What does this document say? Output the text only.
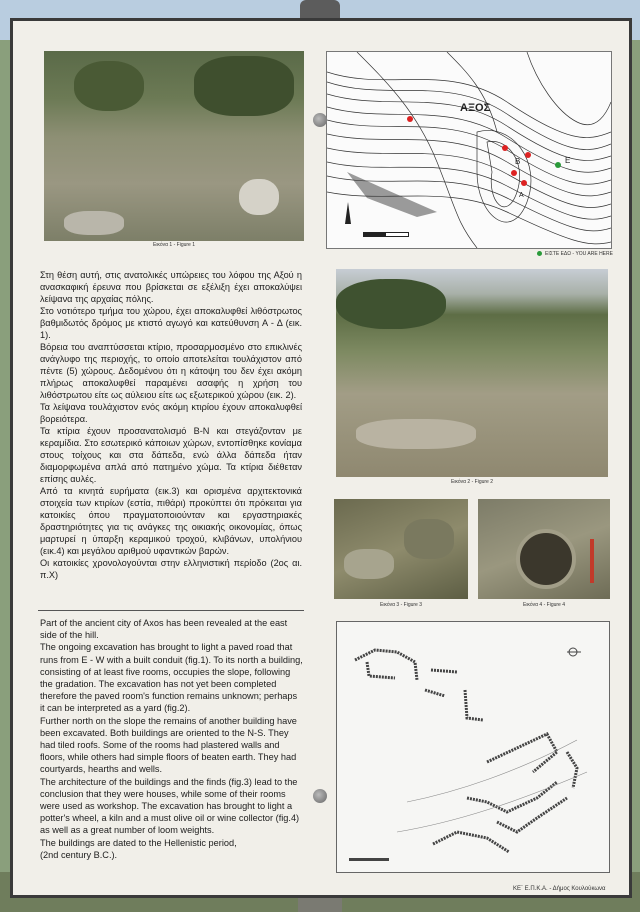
Εικόνα 1 - Figure 1
ΑΞΟΣ
B	E
A
ΕΙΣΤΕ ΕΔΩ - YOU ARE HERE

Στη θέση αυτή, στις ανατολικές υπώρειες του λόφου της Αξού η ανασκαφική έρευνα που βρίσκεται σε εξέλιξη έχει αποκαλύψει λείψανα της αρχαίας πόλης.

Στο νοτιότερο τμήμα του χώρου, έχει αποκαλυφθεί λιθόστρωτος βαθμιδωτός δρόμος με κτιστό αγωγό και κατεύθυνση Α - Δ (εικ. 1).

Βόρεια του αναπτύσσεται κτίριο, προσαρμοσμένο στο επικλινές ανάγλυφο της περιοχής, το οποίο αποτελείται τουλάχιστον από πέντε (5) χώρους. Δεδομένου ότι η κάτοψη του δεν έχει ακόμη πλήρως αποκαλυφθεί παραμένει ασαφής η χρήση του λιθόστρωτου είτε ως αύλειου είτε ως εξωτερικού χώρου (εικ. 2).

Τα λείψανα τουλάχιστον ενός ακόμη κτιρίου έχουν αποκαλυφθεί βορειότερα.

Τα κτίρια έχουν προσανατολισμό Β-Ν και στεγάζονταν με κεραμίδια. Στο εσωτερικό κάποιων χώρων, εντοπίσθηκε κονίαμα στους τοίχους και στα δάπεδα, ενώ άλλα δάπεδα ήταν διαμορφωμένα απλά από πατημένο χώμα. Τα κτίρια διέθεταν επίσης αυλές.

Από τα κινητά ευρήματα (εικ.3) και ορισμένα αρχιτεκτονικά στοιχεία των κτιρίων (εστία, πιθάρι) προκύπτει ότι πρόκειται για κατοικίες όπου πραγματοποιούνταν και εργαστηριακές δραστηριότητες για τις ανάγκες της οικιακής οικονομίας, όπως μαρτυρεί η ύπαρξη κεραμικού τροχού, κλιβάνων, υπολήνιου (εικ.4) και μεγάλου αριθμού υφαντικών βαρών.

Οι κατοικίες χρονολογούνται στην ελληνιστική περίοδο (2ος αι. π.Χ)

Εικόνα 2 - Figure 2
Εικόνα 3 - Figure 3	Εικόνα 4 - Figure 4

Part of the ancient city of Axos has been revealed at the east side of the hill.

The ongoing excavation has brought to light a paved road that runs from E - W with a built conduit (fig.1). To its north a building, consisting of at least five rooms, occupies the slope, following the gradation. The excavation has not yet been completed therefore the paved room's function remains unknown; perhaps it can be interpreted as a yard (fig.2).

Further north on the slope the remains of another building have been excavated. Both buildings are oriented to the N-S. They had tiled roofs. Some of the rooms had plastered walls and floors, while others had simple floors of beaten earth. They had courtyards, hearths and wells.

The architecture of the buildings and the finds (fig.3) lead to the conclusion that they were houses, while some of their rooms were used as workshop. The excavation has brought to light a potter's wheel, a kiln and a must olive oil or wine collector (fig.4) as well as a great number of loom weights.

The buildings are dated to the Hellenistic period,

(2nd century B.C.).

ΚΕ΄ Ε.Π.Κ.Α. - Δήμος Κουλούκωνα
